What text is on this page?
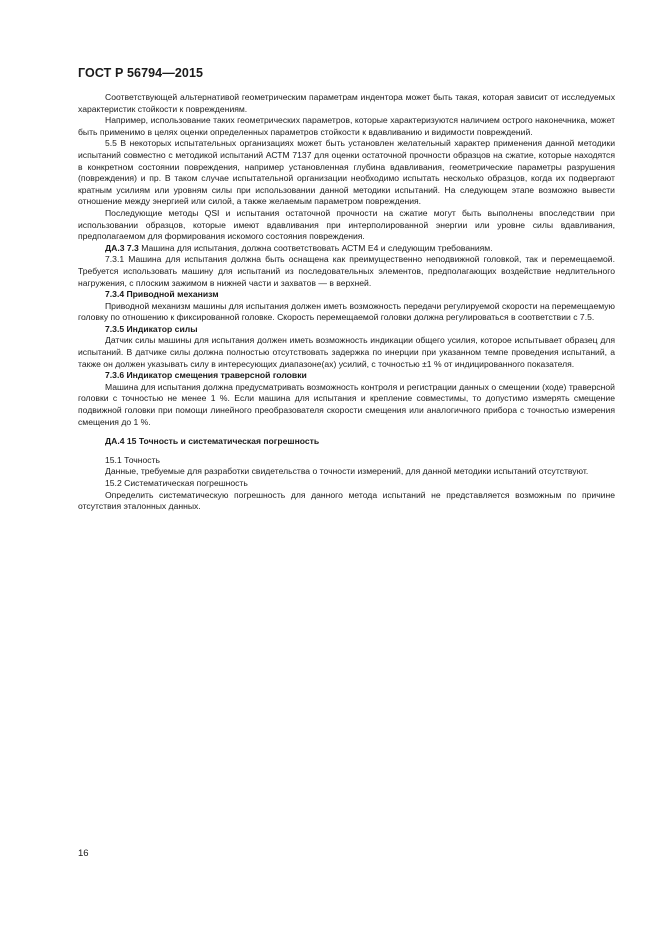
ГОСТ Р 56794—2015

Соответствующей альтернативой геометрическим параметрам индентора может быть такая, которая зависит от исследуемых характеристик стойкости к повреждениям.

Например, использование таких геометрических параметров, которые характеризуются наличием острого наконечника, может быть применимо в целях оценки определенных параметров стойкости к вдавливанию и видимости повреждений.

5.5 В некоторых испытательных организациях может быть установлен желательный характер применения данной методики испытаний совместно с методикой испытаний АСТМ 7137 для оценки остаточной прочности образцов на сжатие, которые находятся в конкретном состоянии повреждения, например установленная глубина вдавливания, геометрические параметры разрушения (повреждения) и пр. В таком случае испытательной организации необходимо испытать несколько образцов, когда их подвергают кратным усилиям или уровням силы при использовании данной методики испытаний. На следующем этапе возможно вывести отношение между энергией или силой, а также желаемым параметром повреждения.

Последующие методы QSI и испытания остаточной прочности на сжатие могут быть выполнены впоследствии при использовании образцов, которые имеют вдавливания при интерполированной энергии или уровне силы вдавливания, предполагаемом для формирования искомого состояния повреждения.

ДА.3 7.3 Машина для испытания, должна соответствовать АСТМ Е4 и следующим требованиям.

7.3.1 Машина для испытания должна быть оснащена как преимущественно неподвижной головкой, так и перемещаемой. Требуется использовать машину для испытаний из последовательных элементов, предполагающих воздействие недлительного нагружения, с плоским зажимом в нижней части и захватов — в верхней.

7.3.4 Приводной механизм

Приводной механизм машины для испытания должен иметь возможность передачи регулируемой скорости на перемещаемую головку по отношению к фиксированной головке. Скорость перемещаемой головки должна регулироваться в соответствии с 7.5.

7.3.5 Индикатор силы

Датчик силы машины для испытания должен иметь возможность индикации общего усилия, которое испытывает образец для испытаний. В датчике силы должна полностью отсутствовать задержка по инерции при указанном темпе проведения испытаний, а также он должен указывать силу в интересующих диапазоне(ах) усилий, с точностью ±1 % от индицированного показателя.

7.3.6 Индикатор смещения траверсной головки

Машина для испытания должна предусматривать возможность контроля и регистрации данных о смещении (ходе) траверсной головки с точностью не менее 1 %. Если машина для испытания и крепление совместимы, то допустимо измерять смещение подвижной головки при помощи линейного преобразователя скорости смещения или аналогичного прибора с точностью измерения смещения до 1 %.

ДА.4 15 Точность и систематическая погрешность

15.1 Точность

Данные, требуемые для разработки свидетельства о точности измерений, для данной методики испытаний отсутствуют.

15.2 Систематическая погрешность

Определить систематическую погрешность для данного метода испытаний не представляется возможным по причине отсутствия эталонных данных.

16
